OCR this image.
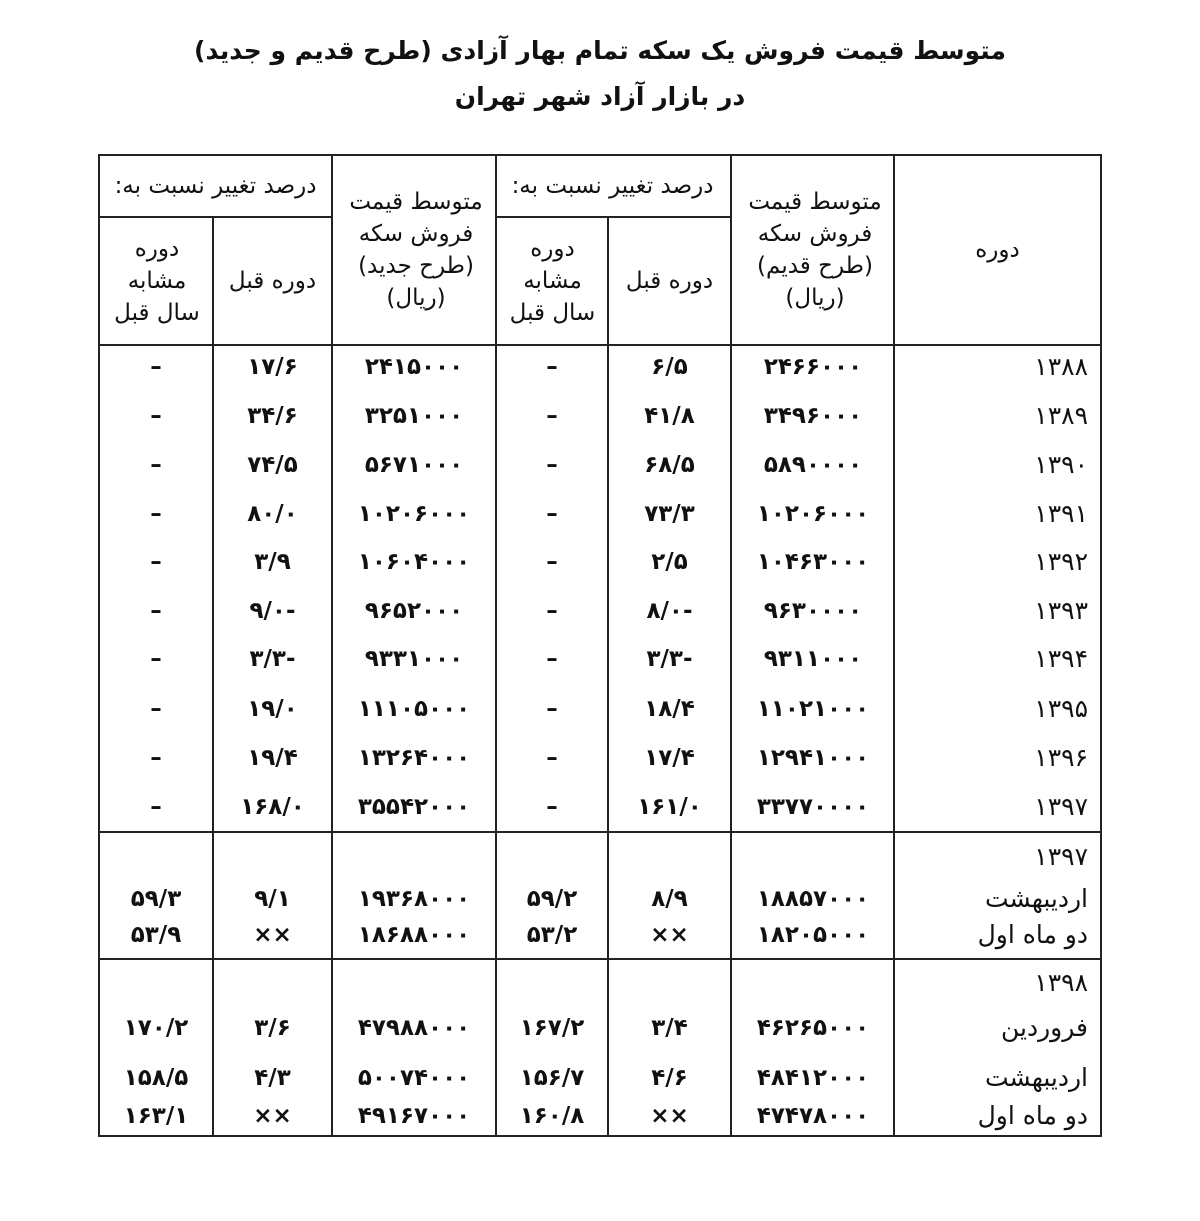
متوسط قیمت فروش یک سکه تمام بهار آزادی (طرح قدیم و جدید)
در بازار آزاد شهر تهران
دوره
متوسط قیمت فروش سکه (طرح قدیم) (ریال)
درصد تغییر نسبت به:
دوره قبل
دوره مشابه سال قبل
متوسط قیمت فروش سکه (طرح جدید) (ریال)
درصد تغییر نسبت به:
دوره قبل
دوره مشابه سال قبل
۱۳۸۸
۲۴۶۶۰۰۰
۶/۵
–
۲۴۱۵۰۰۰
۱۷/۶
–
۱۳۸۹
۳۴۹۶۰۰۰
۴۱/۸
–
۳۲۵۱۰۰۰
۳۴/۶
–
۱۳۹۰
۵۸۹۰۰۰۰
۶۸/۵
–
۵۶۷۱۰۰۰
۷۴/۵
–
۱۳۹۱
۱۰۲۰۶۰۰۰
۷۳/۳
–
۱۰۲۰۶۰۰۰
۸۰/۰
–
۱۳۹۲
۱۰۴۶۳۰۰۰
۲/۵
–
۱۰۶۰۴۰۰۰
۳/۹
–
۱۳۹۳
۹۶۳۰۰۰۰
-۸/۰
–
۹۶۵۲۰۰۰
-۹/۰
–
۱۳۹۴
۹۳۱۱۰۰۰
-۳/۳
–
۹۳۳۱۰۰۰
-۳/۳
–
۱۳۹۵
۱۱۰۲۱۰۰۰
۱۸/۴
–
۱۱۱۰۵۰۰۰
۱۹/۰
–
۱۳۹۶
۱۲۹۴۱۰۰۰
۱۷/۴
–
۱۳۲۶۴۰۰۰
۱۹/۴
–
۱۳۹۷
۳۳۷۷۰۰۰۰
۱۶۱/۰
–
۳۵۵۴۲۰۰۰
۱۶۸/۰
–
۱۳۹۷
اردیبهشت
۱۸۸۵۷۰۰۰
۸/۹
۵۹/۲
۱۹۳۶۸۰۰۰
۹/۱
۵۹/۳
دو ماه اول
۱۸۲۰۵۰۰۰
××
۵۳/۲
۱۸۶۸۸۰۰۰
××
۵۳/۹
۱۳۹۸
فروردین
۴۶۲۶۵۰۰۰
۳/۴
۱۶۷/۲
۴۷۹۸۸۰۰۰
۳/۶
۱۷۰/۲
اردیبهشت
۴۸۴۱۲۰۰۰
۴/۶
۱۵۶/۷
۵۰۰۷۴۰۰۰
۴/۳
۱۵۸/۵
دو ماه اول
۴۷۴۷۸۰۰۰
××
۱۶۰/۸
۴۹۱۶۷۰۰۰
××
۱۶۳/۱
